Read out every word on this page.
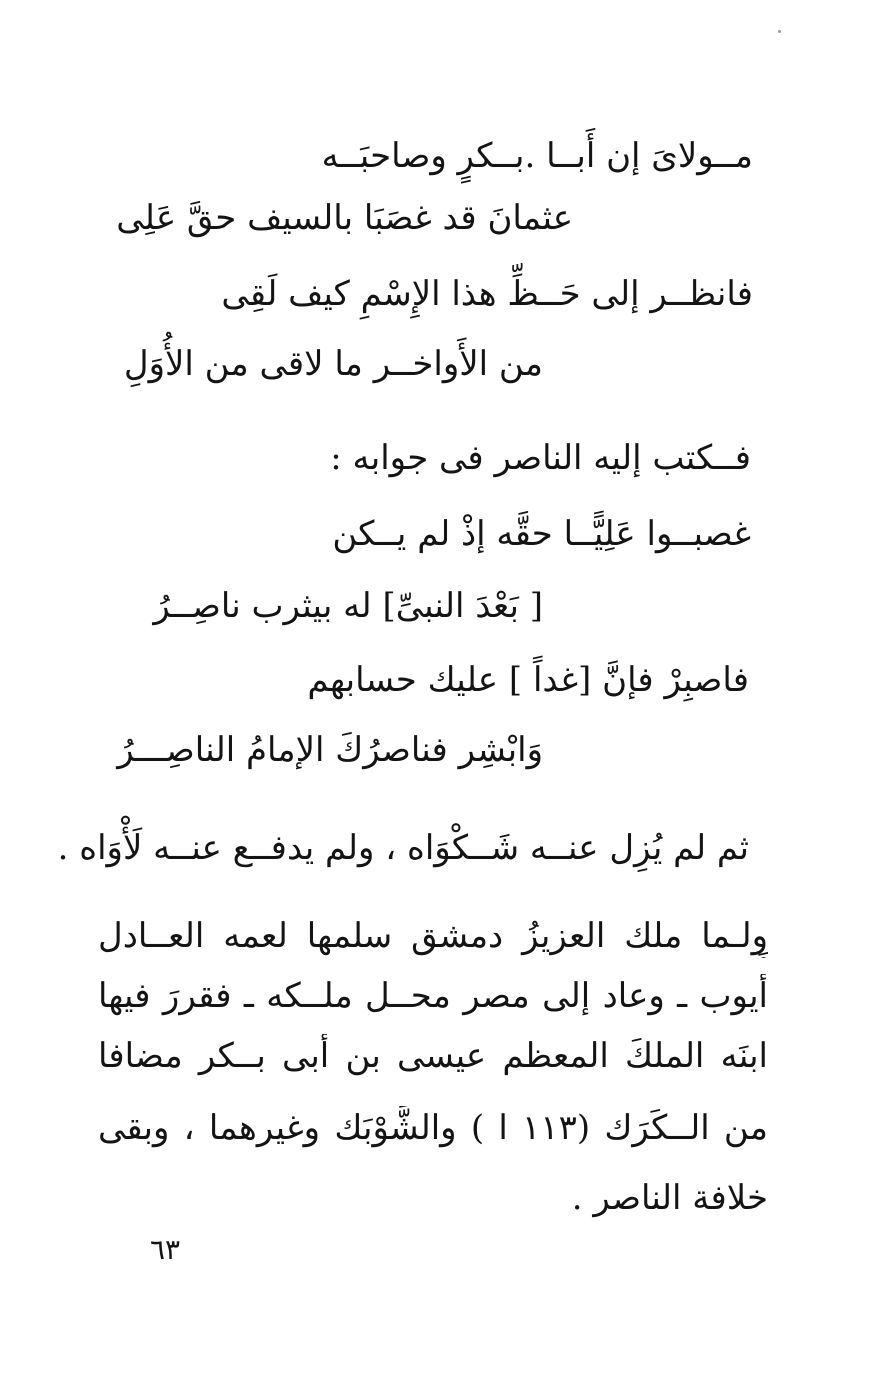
مــولاىَ إن أَبــا .بــكرٍ وصاحبَــه
عثمانَ قد غصَبَا بالسيف حقَّ عَلِى
فانظــر إلى حَــظِّ هذا الإِسْمِ كيف لَقِى
من الأَواخــر ما لاقى من الأُوَلِ
فــكتب إليه الناصر فى جوابه :
غصبــوا عَلِيًّــا حقَّه إذْ لم يــكن
[ بَعْدَ النبىِّ] له بيثرب ناصِــرُ
فاصبِرْ فإنَّ [غداً ] عليك حسابهم
وَابْشِر فناصرُكَ الإمامُ الناصِـــرُ
ثم لم يُزِل عنــه شَــكْوَاه ، ولم يدفــع عنــه لَأْوَاه .
ولـما ملك العزيزُ دمشق سلمها لعمه العــادل
أيوب ـ وعاد إلى مصر محــل ملــكه ـ فقررَ فيها
ابنَه الملكَ المعظم عيسى بن أَبى بــكر مضافا
من الــكَرَك (١١٣ ا ) والشَّوْبَك وغيرهما ، وبقى
خلافة الناصر .
٦٣
